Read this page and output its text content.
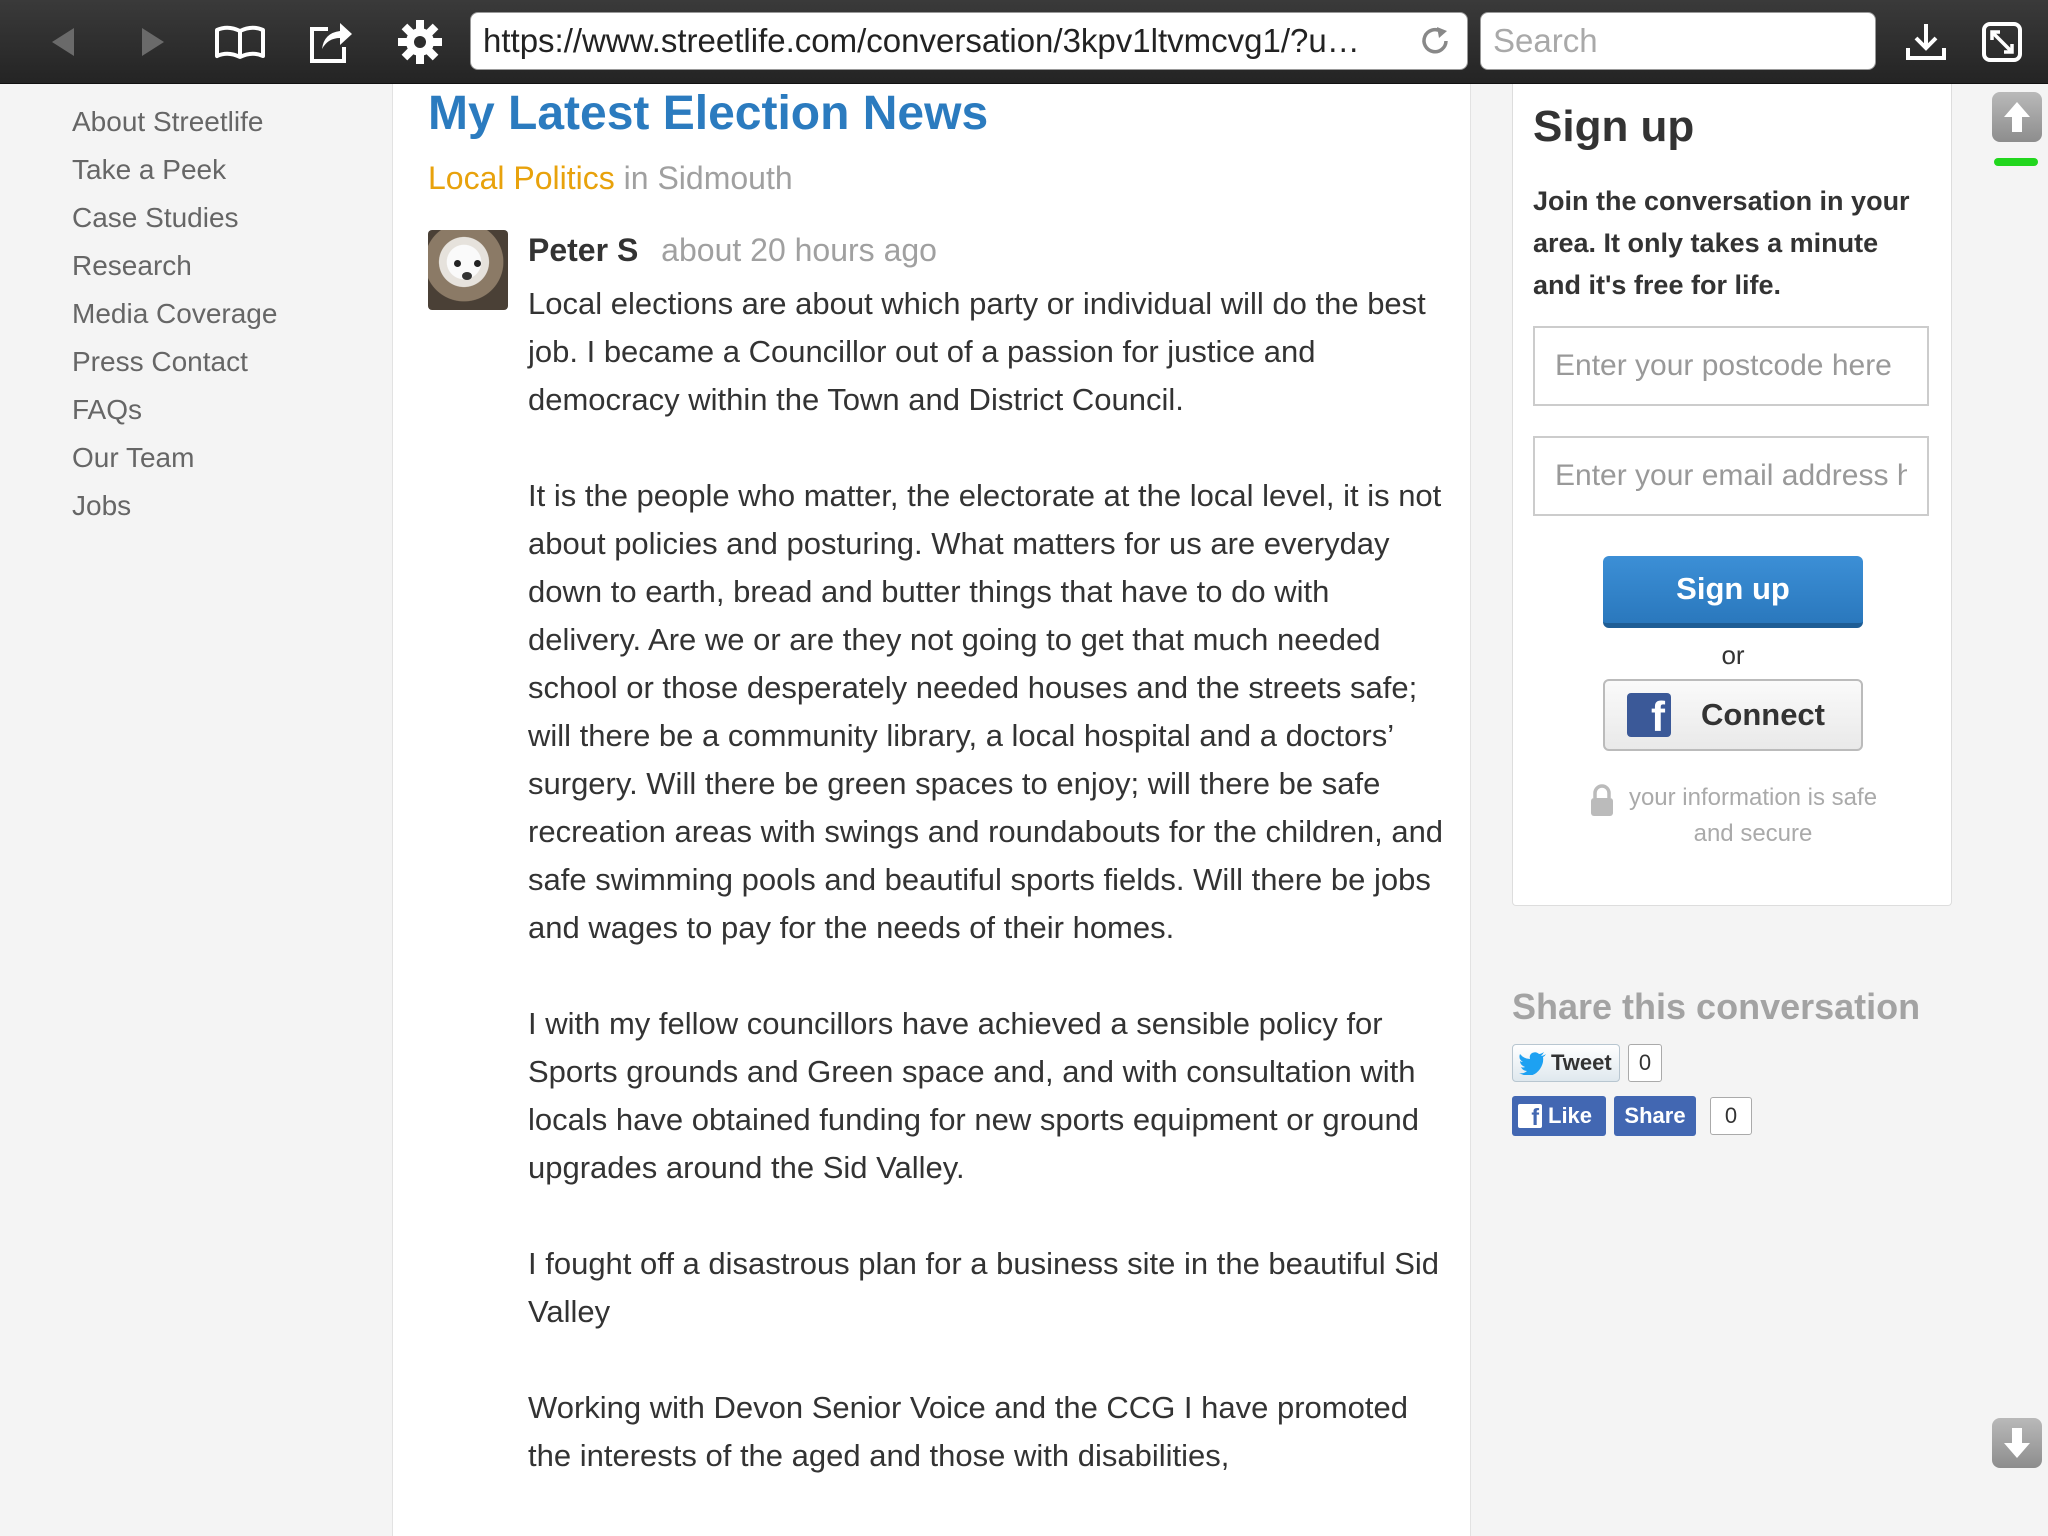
https://www.streetlife.com/conversation/3kpv1ltvmcvg1/?u…
Search
About Streetlife
Take a Peek
Case Studies
Research
Media Coverage
Press Contact
FAQs
Our Team
Jobs
My Latest Election News
Local Politics in Sidmouth
Peter S about 20 hours ago

Local elections are about which party or individual will do the best job. I became a Councillor out of a passion for justice and democracy within the Town and District Council.

It is the people who matter, the electorate at the local level, it is not about policies and posturing. What matters for us are everyday down to earth, bread and butter things that have to do with delivery. Are we or are they not going to get that much needed school or those desperately needed houses and the streets safe; will there be a community library, a local hospital and a doctors’ surgery. Will there be green spaces to enjoy; will there be safe recreation areas with swings and roundabouts for the children, and safe swimming pools and beautiful sports fields. Will there be jobs and wages to pay for the needs of their homes.

I with my fellow councillors have achieved a sensible policy for Sports grounds and Green space and, and with consultation with locals have obtained funding for new sports equipment or ground upgrades around the Sid Valley.

I fought off a disastrous plan for a business site in the beautiful Sid Valley

Working with Devon Senior Voice and the CCG I have promoted the interests of the aged and those with disabilities,

Sign up

Join the conversation in your area. It only takes a minute and it's free for life.

Enter your postcode here
Enter your email address here
Sign up
or
f Connect
your information is safe
and secure
Share this conversation
Tweet	0
f Like	Share	0
